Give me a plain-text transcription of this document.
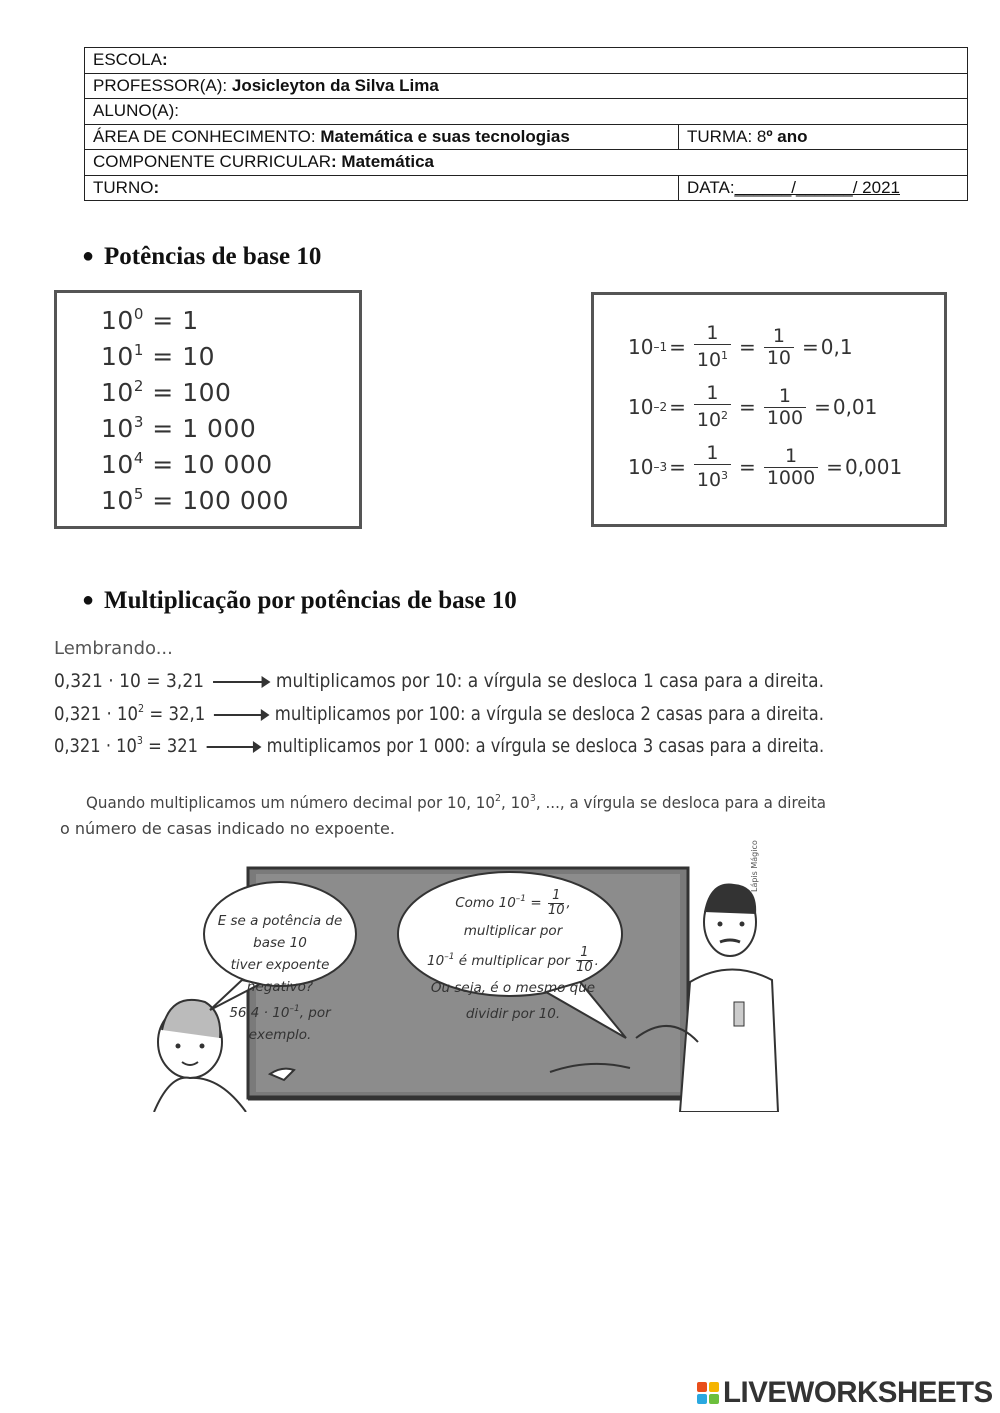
ESCOLA:	
PROFESSOR(A): Josicleyton da Silva Lima	
ALUNO(A):	
ÁREA DE CONHECIMENTO: Matemática e suas tecnologias	TURMA: 8º ano
COMPONENTE CURRICULAR: Matemática	
TURNO:	DATA:______/______/ 2021
● Potências de base 10
$10^0 = 1$
$10^1 = 10$
$10^2 = 100$
$10^3 = 1$ 000
$10^4 = 10$ 000
$10^5 = 100$ 000
10 $-1 = \frac{1}{10^1} = \frac{1}{10} = 0,1$
10 $-2 = \frac{1}{10^2} = \frac{1}{100} = 0,01$
10 $-3 = \frac{1}{10^3} = \frac{1}{1000} = 0,001$
● Multiplicação por potências de base 10
Lembrando...
0,321 · 10 = 3,21	multiplicamos por 10: a vírgula se desloca 1 casa para a direita.
$0,321 \cdot 10^2 = 32,1$	multiplicamos por 100: a vírgula se desloca 2 casas para a direita.
$0,321 \cdot 10^3 = 321$	multiplicamos por 1 000: a vírgula se desloca 3 casas para a direita.
Quando multiplicamos um número decimal por 10, $10^2$, $10^3$, ..., a vírgula se desloca para a direita
o número de casas indicado no expoente.
E se a potência de base 10
tiver expoente negativo?
$56,4 \cdot 10^{-1}$, por exemplo.
Como $10^{-1} = \frac{1}{10}$ , multiplicar por
$10^{-1}$ é multiplicar por $\frac{1}{10}$ .
Ou seja, é o mesmo que
dividir por 10.
Lápis Mágico
LIVEWORKSHEETS
